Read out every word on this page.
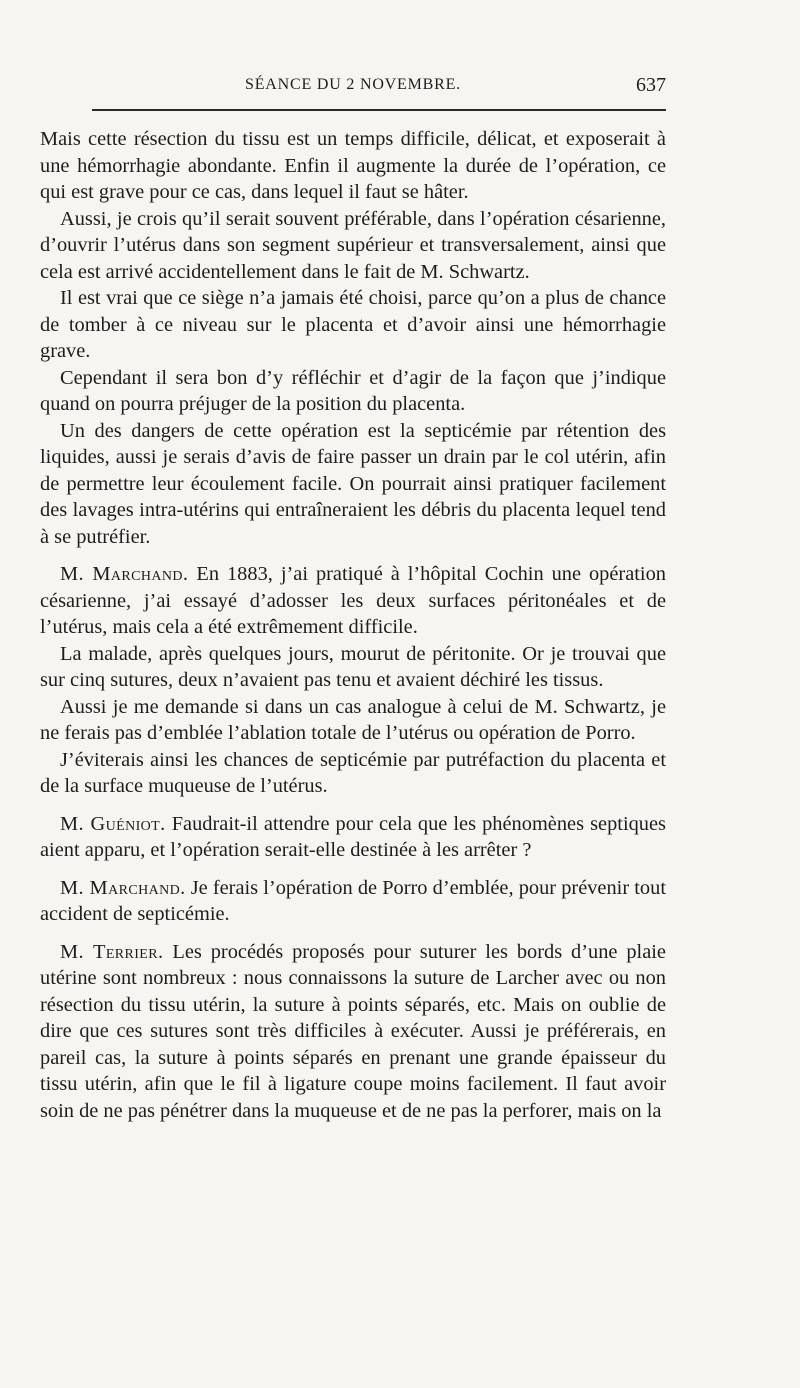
SÉANCE DU 2 NOVEMBRE.	637

Mais cette résection du tissu est un temps difficile, délicat, et exposerait à une hémorrhagie abondante. Enfin il augmente la durée de l’opération, ce qui est grave pour ce cas, dans lequel il faut se hâter.

Aussi, je crois qu’il serait souvent préférable, dans l’opération césarienne, d’ouvrir l’utérus dans son segment supérieur et transversalement, ainsi que cela est arrivé accidentellement dans le fait de M. Schwartz.

Il est vrai que ce siège n’a jamais été choisi, parce qu’on a plus de chance de tomber à ce niveau sur le placenta et d’avoir ainsi une hémorrhagie grave.

Cependant il sera bon d’y réfléchir et d’agir de la façon que j’indique quand on pourra préjuger de la position du placenta.

Un des dangers de cette opération est la septicémie par rétention des liquides, aussi je serais d’avis de faire passer un drain par le col utérin, afin de permettre leur écoulement facile. On pourrait ainsi pratiquer facilement des lavages intra-utérins qui entraîneraient les débris du placenta lequel tend à se putréfier.

M. Marchand. En 1883, j’ai pratiqué à l’hôpital Cochin une opération césarienne, j’ai essayé d’adosser les deux surfaces péritonéales et de l’utérus, mais cela a été extrêmement difficile.

La malade, après quelques jours, mourut de péritonite. Or je trouvai que sur cinq sutures, deux n’avaient pas tenu et avaient déchiré les tissus.

Aussi je me demande si dans un cas analogue à celui de M. Schwartz, je ne ferais pas d’emblée l’ablation totale de l’utérus ou opération de Porro.

J’éviterais ainsi les chances de septicémie par putréfaction du placenta et de la surface muqueuse de l’utérus.

M. Guéniot. Faudrait-il attendre pour cela que les phénomènes septiques aient apparu, et l’opération serait-elle destinée à les arrêter ?

M. Marchand. Je ferais l’opération de Porro d’emblée, pour prévenir tout accident de septicémie.

M. Terrier. Les procédés proposés pour suturer les bords d’une plaie utérine sont nombreux : nous connaissons la suture de Larcher avec ou non résection du tissu utérin, la suture à points séparés, etc. Mais on oublie de dire que ces sutures sont très difficiles à exécuter. Aussi je préférerais, en pareil cas, la suture à points séparés en prenant une grande épaisseur du tissu utérin, afin que le fil à ligature coupe moins facilement. Il faut avoir soin de ne pas pénétrer dans la muqueuse et de ne pas la perforer, mais on la
